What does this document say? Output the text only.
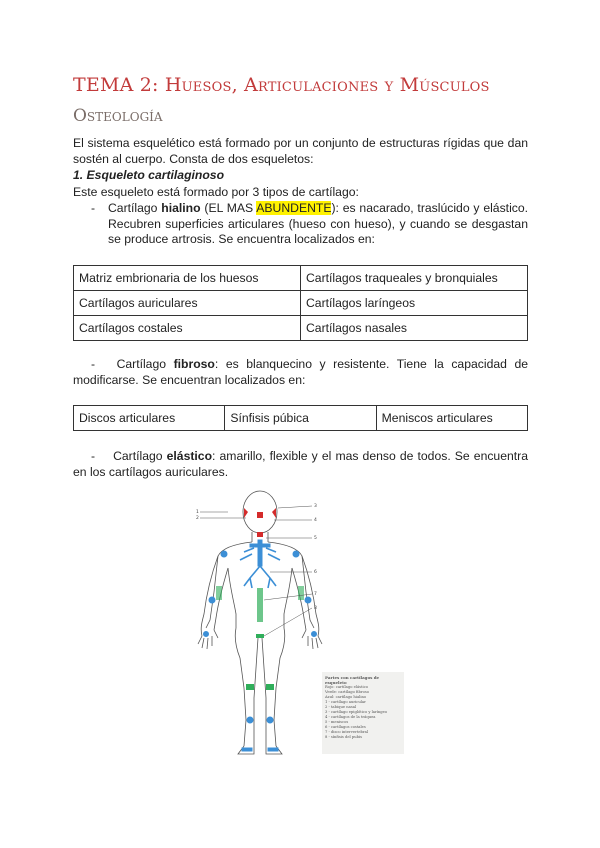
TEMA 2: Huesos, Articulaciones y Músculos
Osteología

El sistema esquelético está formado por un conjunto de estructuras rígidas que dan sostén al cuerpo. Consta de dos esqueletos:

1. Esqueleto cartilaginoso

Este esqueleto está formado por 3 tipos de cartílago:

- Cartílago hialino (EL MAS ABUNDENTE): es nacarado, traslúcido y elástico. Recubren superficies articulares (hueso con hueso), y cuando se desgastan se produce artrosis. Se encuentra localizados en:

Matriz embrionaria de los huesos	Cartílagos traqueales y bronquiales
Cartílagos auriculares	Cartílagos laríngeos
Cartílagos costales	Cartílagos nasales

- Cartílago fibroso: es blanquecino y resistente. Tiene la capacidad de modificarse. Se encuentran localizados en:

Discos articulares	Sínfisis púbica	Meniscos articulares

- Cartílago elástico: amarillo, flexible y el mas denso de todos. Se encuentra en los cartílagos auriculares.

1
2
3
4
5
6
7
8
Partes con cartílagos de esqueleto
Rojo: cartílago elástico
Verde: cartílago fibroso
Azul: cartílago hialino
1 - cartílago auricular
2 - tabique nasal
3 - cartílago epiglótico y laríngeo
4 - cartílagos de la tráquea
5 - meniscos
6 - cartílagos costales
7 - disco intervertebral
8 - sínfisis del pubis
